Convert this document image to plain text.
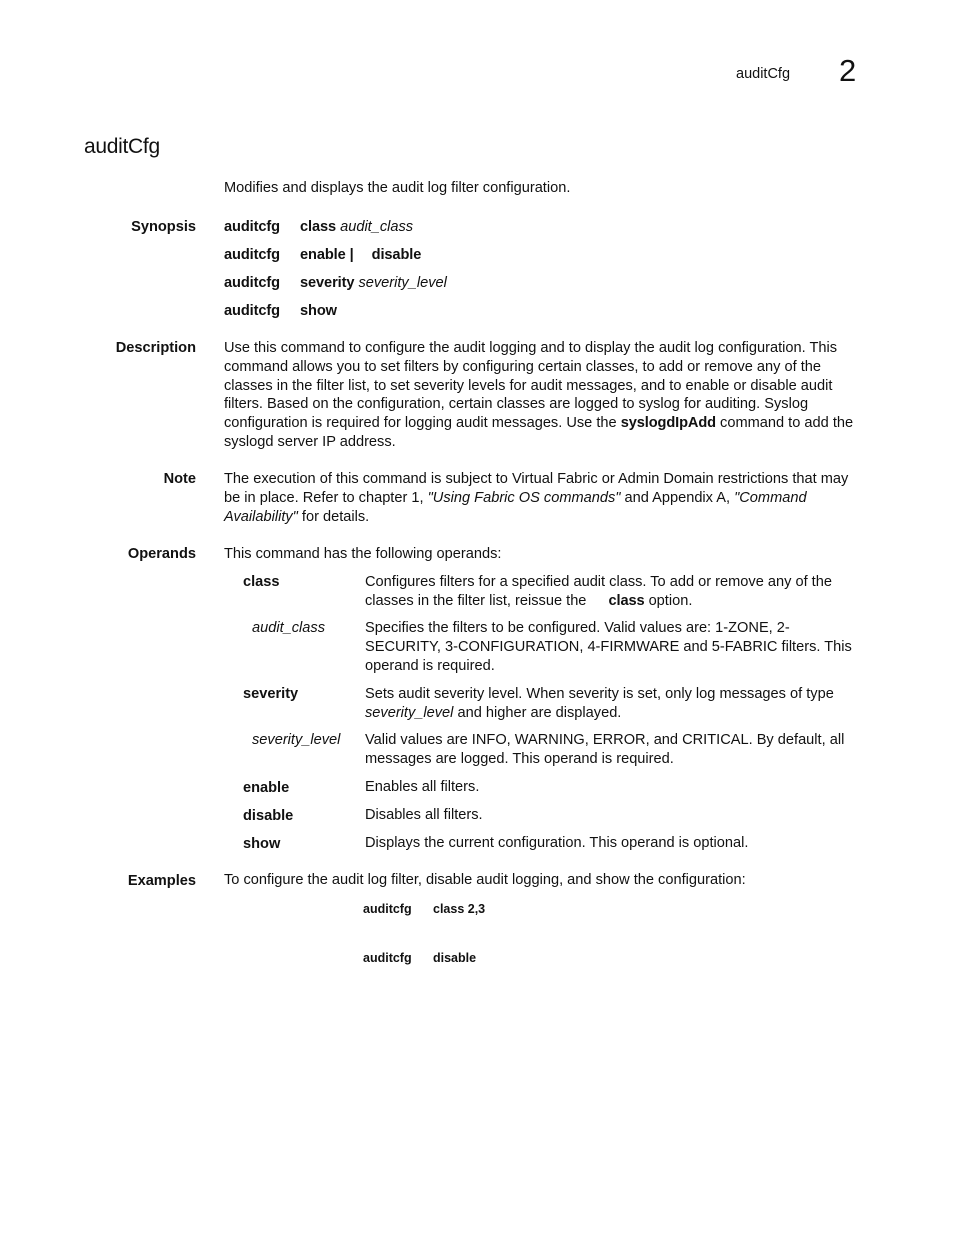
auditCfg 2
auditCfg
Modifies and displays the audit log filter configuration.
Synopsis auditcfg class audit_class
auditcfg enable | disable
auditcfg severity severity_level
auditcfg show
Description Use this command to configure the audit logging and to display the audit log configuration. This command allows you to set filters by configuring certain classes, to add or remove any of the classes in the filter list, to set severity levels for audit messages, and to enable or disable audit filters. Based on the configuration, certain classes are logged to syslog for auditing. Syslog configuration is required for logging audit messages. Use the syslogdIpAdd command to add the syslogd server IP address.
Note The execution of this command is subject to Virtual Fabric or Admin Domain restrictions that may be in place. Refer to chapter 1, "Using Fabric OS commands" and Appendix A, "Command Availability" for details.
Operands This command has the following operands:
class	Configures filters for a specified audit class. To add or remove any of the classes in the filter list, reissue the class option.
audit_class	Specifies the filters to be configured. Valid values are: 1-ZONE, 2-SECURITY, 3-CONFIGURATION, 4-FIRMWARE and 5-FABRIC filters. This operand is required.
severity	Sets audit severity level. When severity is set, only log messages of type severity_level and higher are displayed.
severity_level Valid values are INFO, WARNING, ERROR, and CRITICAL. By default, all messages are logged. This operand is required.
enable	Enables all filters.
disable	Disables all filters.
show	Displays the current configuration. This operand is optional.
Examples To configure the audit log filter, disable audit logging, and show the configuration:
auditcfg class 2,3
auditcfg disable
